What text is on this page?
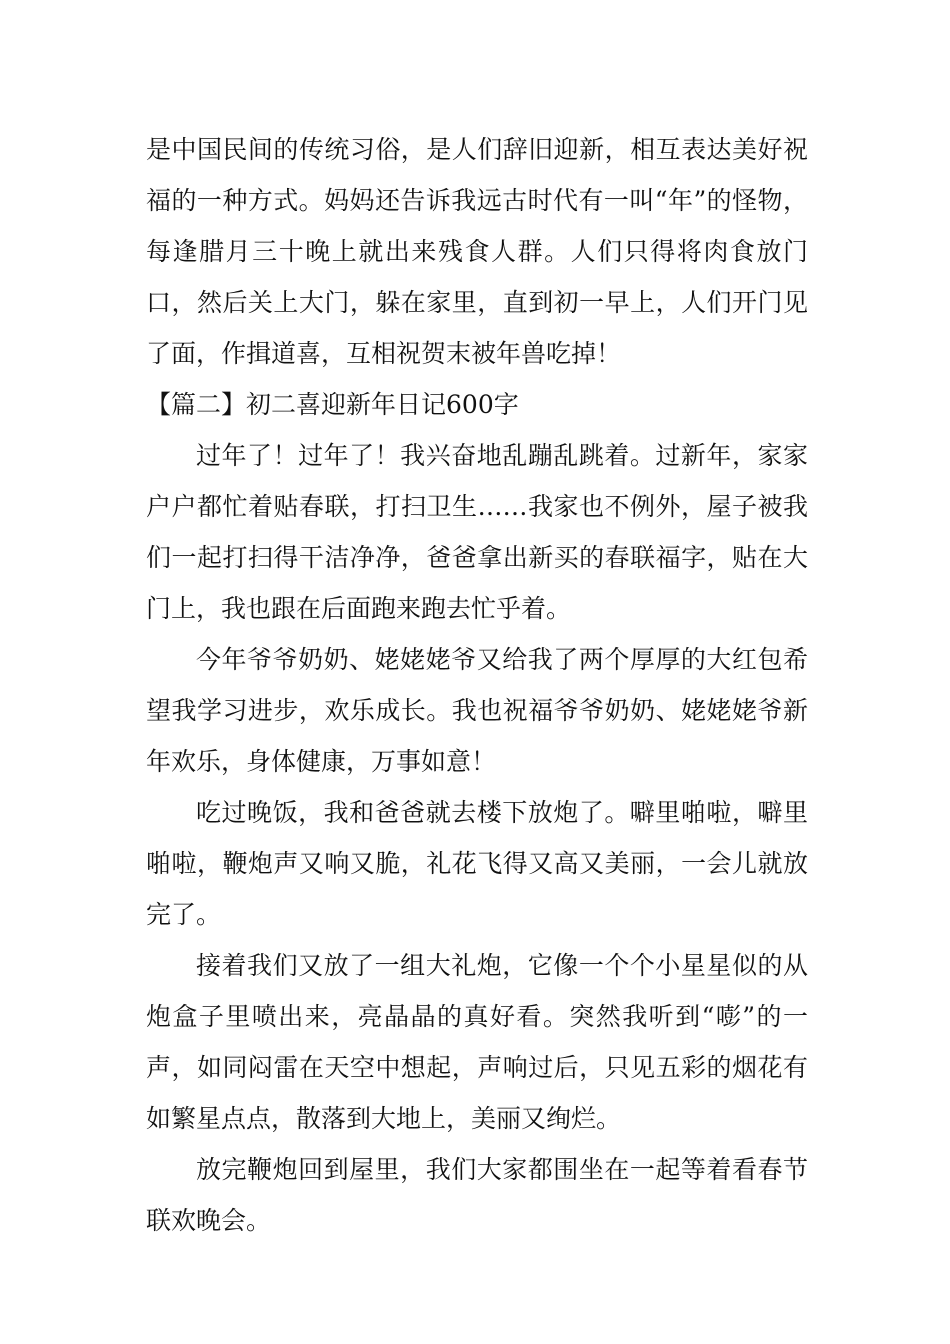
是中国民间的传统习俗，是人们辞旧迎新，相互表达美好祝福的一种方式。妈妈还告诉我远古时代有一叫“年”的怪物，每逢腊月三十晚上就出来残食人群。人们只得将肉食放门口，然后关上大门，躲在家里，直到初一早上，人们开门见了面，作揖道喜，互相祝贺末被年兽吃掉！

【篇二】初二喜迎新年日记600字

过年了！过年了！我兴奋地乱蹦乱跳着。过新年，家家户户都忙着贴春联，打扫卫生……我家也不例外，屋子被我们一起打扫得干洁净净，爸爸拿出新买的春联福字，贴在大门上，我也跟在后面跑来跑去忙乎着。

今年爷爷奶奶、姥姥姥爷又给我了两个厚厚的大红包希望我学习进步，欢乐成长。我也祝福爷爷奶奶、姥姥姥爷新年欢乐，身体健康，万事如意！

吃过晚饭，我和爸爸就去楼下放炮了。噼里啪啦，噼里啪啦，鞭炮声又响又脆，礼花飞得又高又美丽，一会儿就放完了。

接着我们又放了一组大礼炮，它像一个个小星星似的从炮盒子里喷出来，亮晶晶的真好看。突然我听到“嘭”的一声，如同闷雷在天空中想起，声响过后，只见五彩的烟花有如繁星点点，散落到大地上，美丽又绚烂。

放完鞭炮回到屋里，我们大家都围坐在一起等着看春节联欢晚会。
